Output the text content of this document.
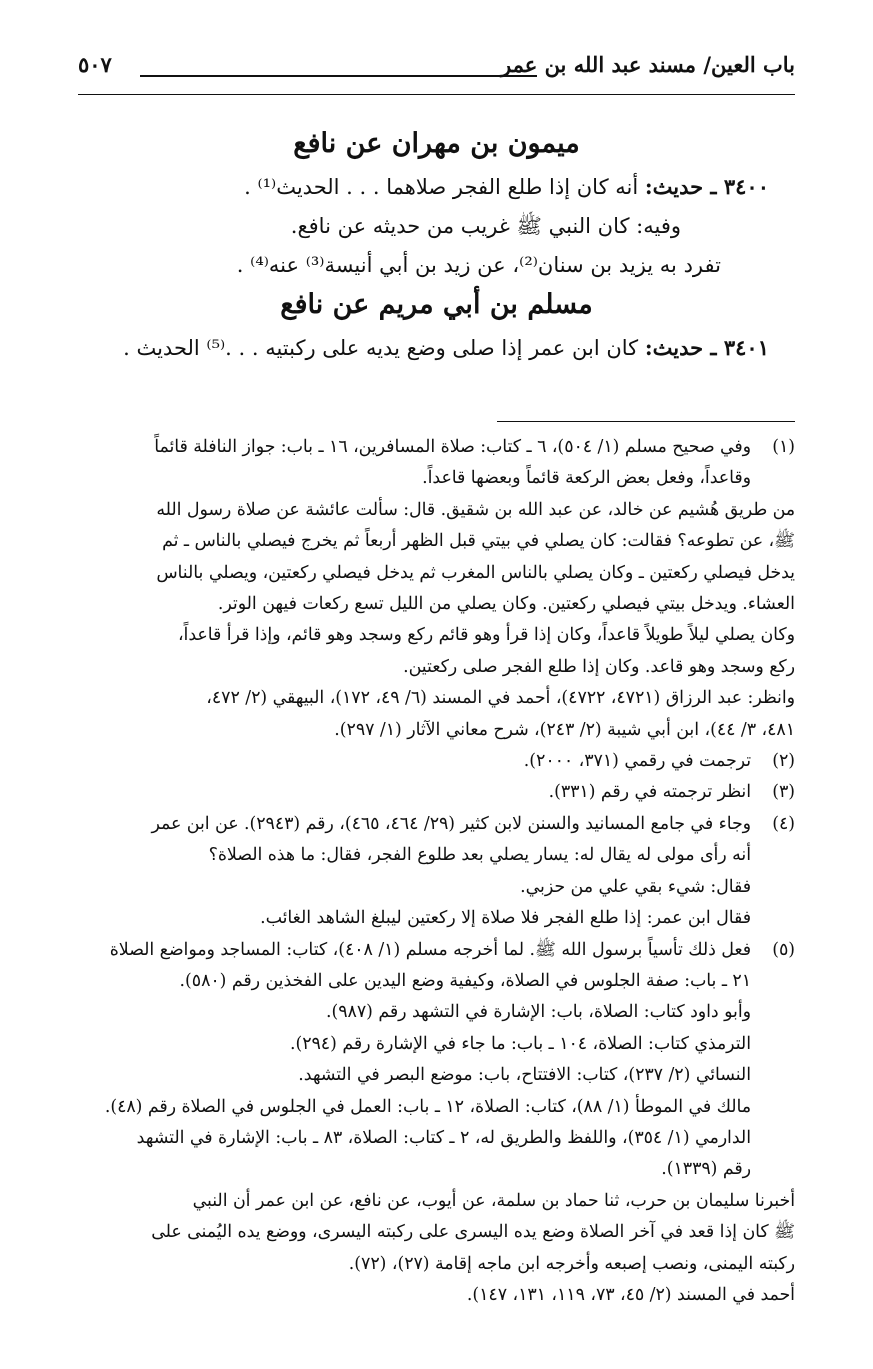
باب العين/ مسند عبد الله بن عمر
٥٠٧
ميمون بن مهران عن نافع
٣٤٠٠ ـ حديث: أنه كان إذا طلع الفجر صلاهما . . . الحديث⁽¹⁾ .
وفيه: كان النبي ﷺ غريب من حديثه عن نافع.
تفرد به يزيد بن سنان⁽²⁾، عن زيد بن أبي أنيسة⁽³⁾ عنه⁽⁴⁾ .
مسلم بن أبي مريم عن نافع
٣٤٠١ ـ حديث: كان ابن عمر إذا صلى وضع يديه على ركبتيه . . .⁽⁵⁾ الحديث .
(١)
وفي صحيح مسلم (١/ ٥٠٤)، ٦ ـ كتاب: صلاة المسافرين، ١٦ ـ باب: جواز النافلة قائماً
وقاعداً، وفعل بعض الركعة قائماً وبعضها قاعداً.
من طريق هُشيم عن خالد، عن عبد الله بن شقيق. قال: سألت عائشة عن صلاة رسول الله
ﷺ، عن تطوعه؟ فقالت: كان يصلي في بيتي قبل الظهر أربعاً ثم يخرج فيصلي بالناس ـ ثم
يدخل فيصلي ركعتين ـ وكان يصلي بالناس المغرب ثم يدخل فيصلي ركعتين، ويصلي بالناس
العشاء. ويدخل بيتي فيصلي ركعتين. وكان يصلي من الليل تسع ركعات فيهن الوتر.
وكان يصلي ليلاً طويلاً قاعداً، وكان إذا قرأ وهو قائم ركع وسجد وهو قائم، وإذا قرأ قاعداً،
ركع وسجد وهو قاعد. وكان إذا طلع الفجر صلى ركعتين.
وانظر: عبد الرزاق (٤٧٢١، ٤٧٢٢)، أحمد في المسند (٦/ ٤٩، ١٧٢)، البيهقي (٢/ ٤٧٢،
٤٨١، ٣/ ٤٤)، ابن أبي شيبة (٢/ ٢٤٣)، شرح معاني الآثار (١/ ٢٩٧).
(٢)
ترجمت في رقمي (٣٧١، ٢٠٠٠).
(٣)
انظر ترجمته في رقم (٣٣١).
(٤)
وجاء في جامع المسانيد والسنن لابن كثير (٢٩/ ٤٦٤، ٤٦٥)، رقم (٢٩٤٣). عن ابن عمر
أنه رأى مولى له يقال له: يسار يصلي بعد طلوع الفجر، فقال: ما هذه الصلاة؟
فقال: شيء بقي علي من حزبي.
فقال ابن عمر: إذا طلع الفجر فلا صلاة إلا ركعتين ليبلغ الشاهد الغائب.
(٥)
فعل ذلك تأسياً برسول الله ﷺ. لما أخرجه مسلم (١/ ٤٠٨)، كتاب: المساجد ومواضع الصلاة
٢١ ـ باب: صفة الجلوس في الصلاة، وكيفية وضع اليدين على الفخذين رقم (٥٨٠).
وأبو داود كتاب: الصلاة، باب: الإشارة في التشهد رقم (٩٨٧).
الترمذي كتاب: الصلاة، ١٠٤ ـ باب: ما جاء في الإشارة رقم (٢٩٤).
النسائي (٢/ ٢٣٧)، كتاب: الافتتاح، باب: موضع البصر في التشهد.
مالك في الموطأ (١/ ٨٨)، كتاب: الصلاة، ١٢ ـ باب: العمل في الجلوس في الصلاة رقم (٤٨).
الدارمي (١/ ٣٥٤)، واللفظ والطريق له، ٢ ـ كتاب: الصلاة، ٨٣ ـ باب: الإشارة في التشهد
رقم (١٣٣٩).
أخبرنا سليمان بن حرب، ثنا حماد بن سلمة، عن أيوب، عن نافع، عن ابن عمر أن النبي
ﷺ كان إذا قعد في آخر الصلاة وضع يده اليسرى على ركبته اليسرى، ووضع يده اليُمنى على
ركبته اليمنى، ونصب إصبعه وأخرجه ابن ماجه إقامة (٢٧)، (٧٢).
أحمد في المسند (٢/ ٤٥، ٧٣، ١١٩، ١٣١، ١٤٧).
